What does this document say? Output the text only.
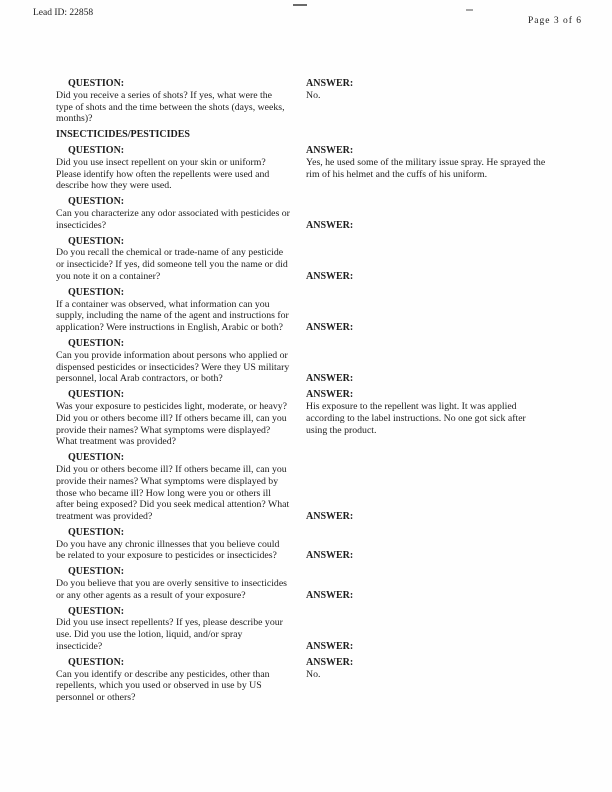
Lead ID: 22858
Page 3 of 6
QUESTION:
Did you receive a series of shots? If yes, what were the type of shots and the time between the shots (days, weeks, months)?
ANSWER:
No.
INSECTICIDES/PESTICIDES
QUESTION:
Did you use insect repellent on your skin or uniform? Please identify how often the repellents were used and describe how they were used.
ANSWER:
Yes, he used some of the military issue spray. He sprayed the rim of his helmet and the cuffs of his uniform.
QUESTION:
Can you characterize any odor associated with pesticides or insecticides?	ANSWER:
QUESTION:
Do you recall the chemical or trade-name of any pesticide or insecticide? If yes, did someone tell you the name or did you note it on a container?	ANSWER:
QUESTION:
If a container was observed, what information can you supply, including the name of the agent and instructions for application? Were instructions in English, Arabic or both?	ANSWER:
QUESTION:
Can you provide information about persons who applied or dispensed pesticides or insecticides? Were they US military personnel, local Arab contractors, or both?	ANSWER:
QUESTION:
Was your exposure to pesticides light, moderate, or heavy? Did you or others become ill? If others became ill, can you provide their names? What symptoms were displayed? What treatment was provided?
ANSWER:
His exposure to the repellent was light. It was applied according to the label instructions. No one got sick after using the product.
QUESTION:
Did you or others become ill? If others became ill, can you provide their names? What symptoms were displayed by those who became ill? How long were you or others ill after being exposed? Did you seek medical attention? What treatment was provided?	ANSWER:
QUESTION:
Do you have any chronic illnesses that you believe could be related to your exposure to pesticides or insecticides?	ANSWER:
QUESTION:
Do you believe that you are overly sensitive to insecticides or any other agents as a result of your exposure?	ANSWER:
QUESTION:
Did you use insect repellents? If yes, please describe your use. Did you use the lotion, liquid, and/or spray insecticide?	ANSWER:
QUESTION:
Can you identify or describe any pesticides, other than repellents, which you used or observed in use by US personnel or others?
ANSWER:
No.
